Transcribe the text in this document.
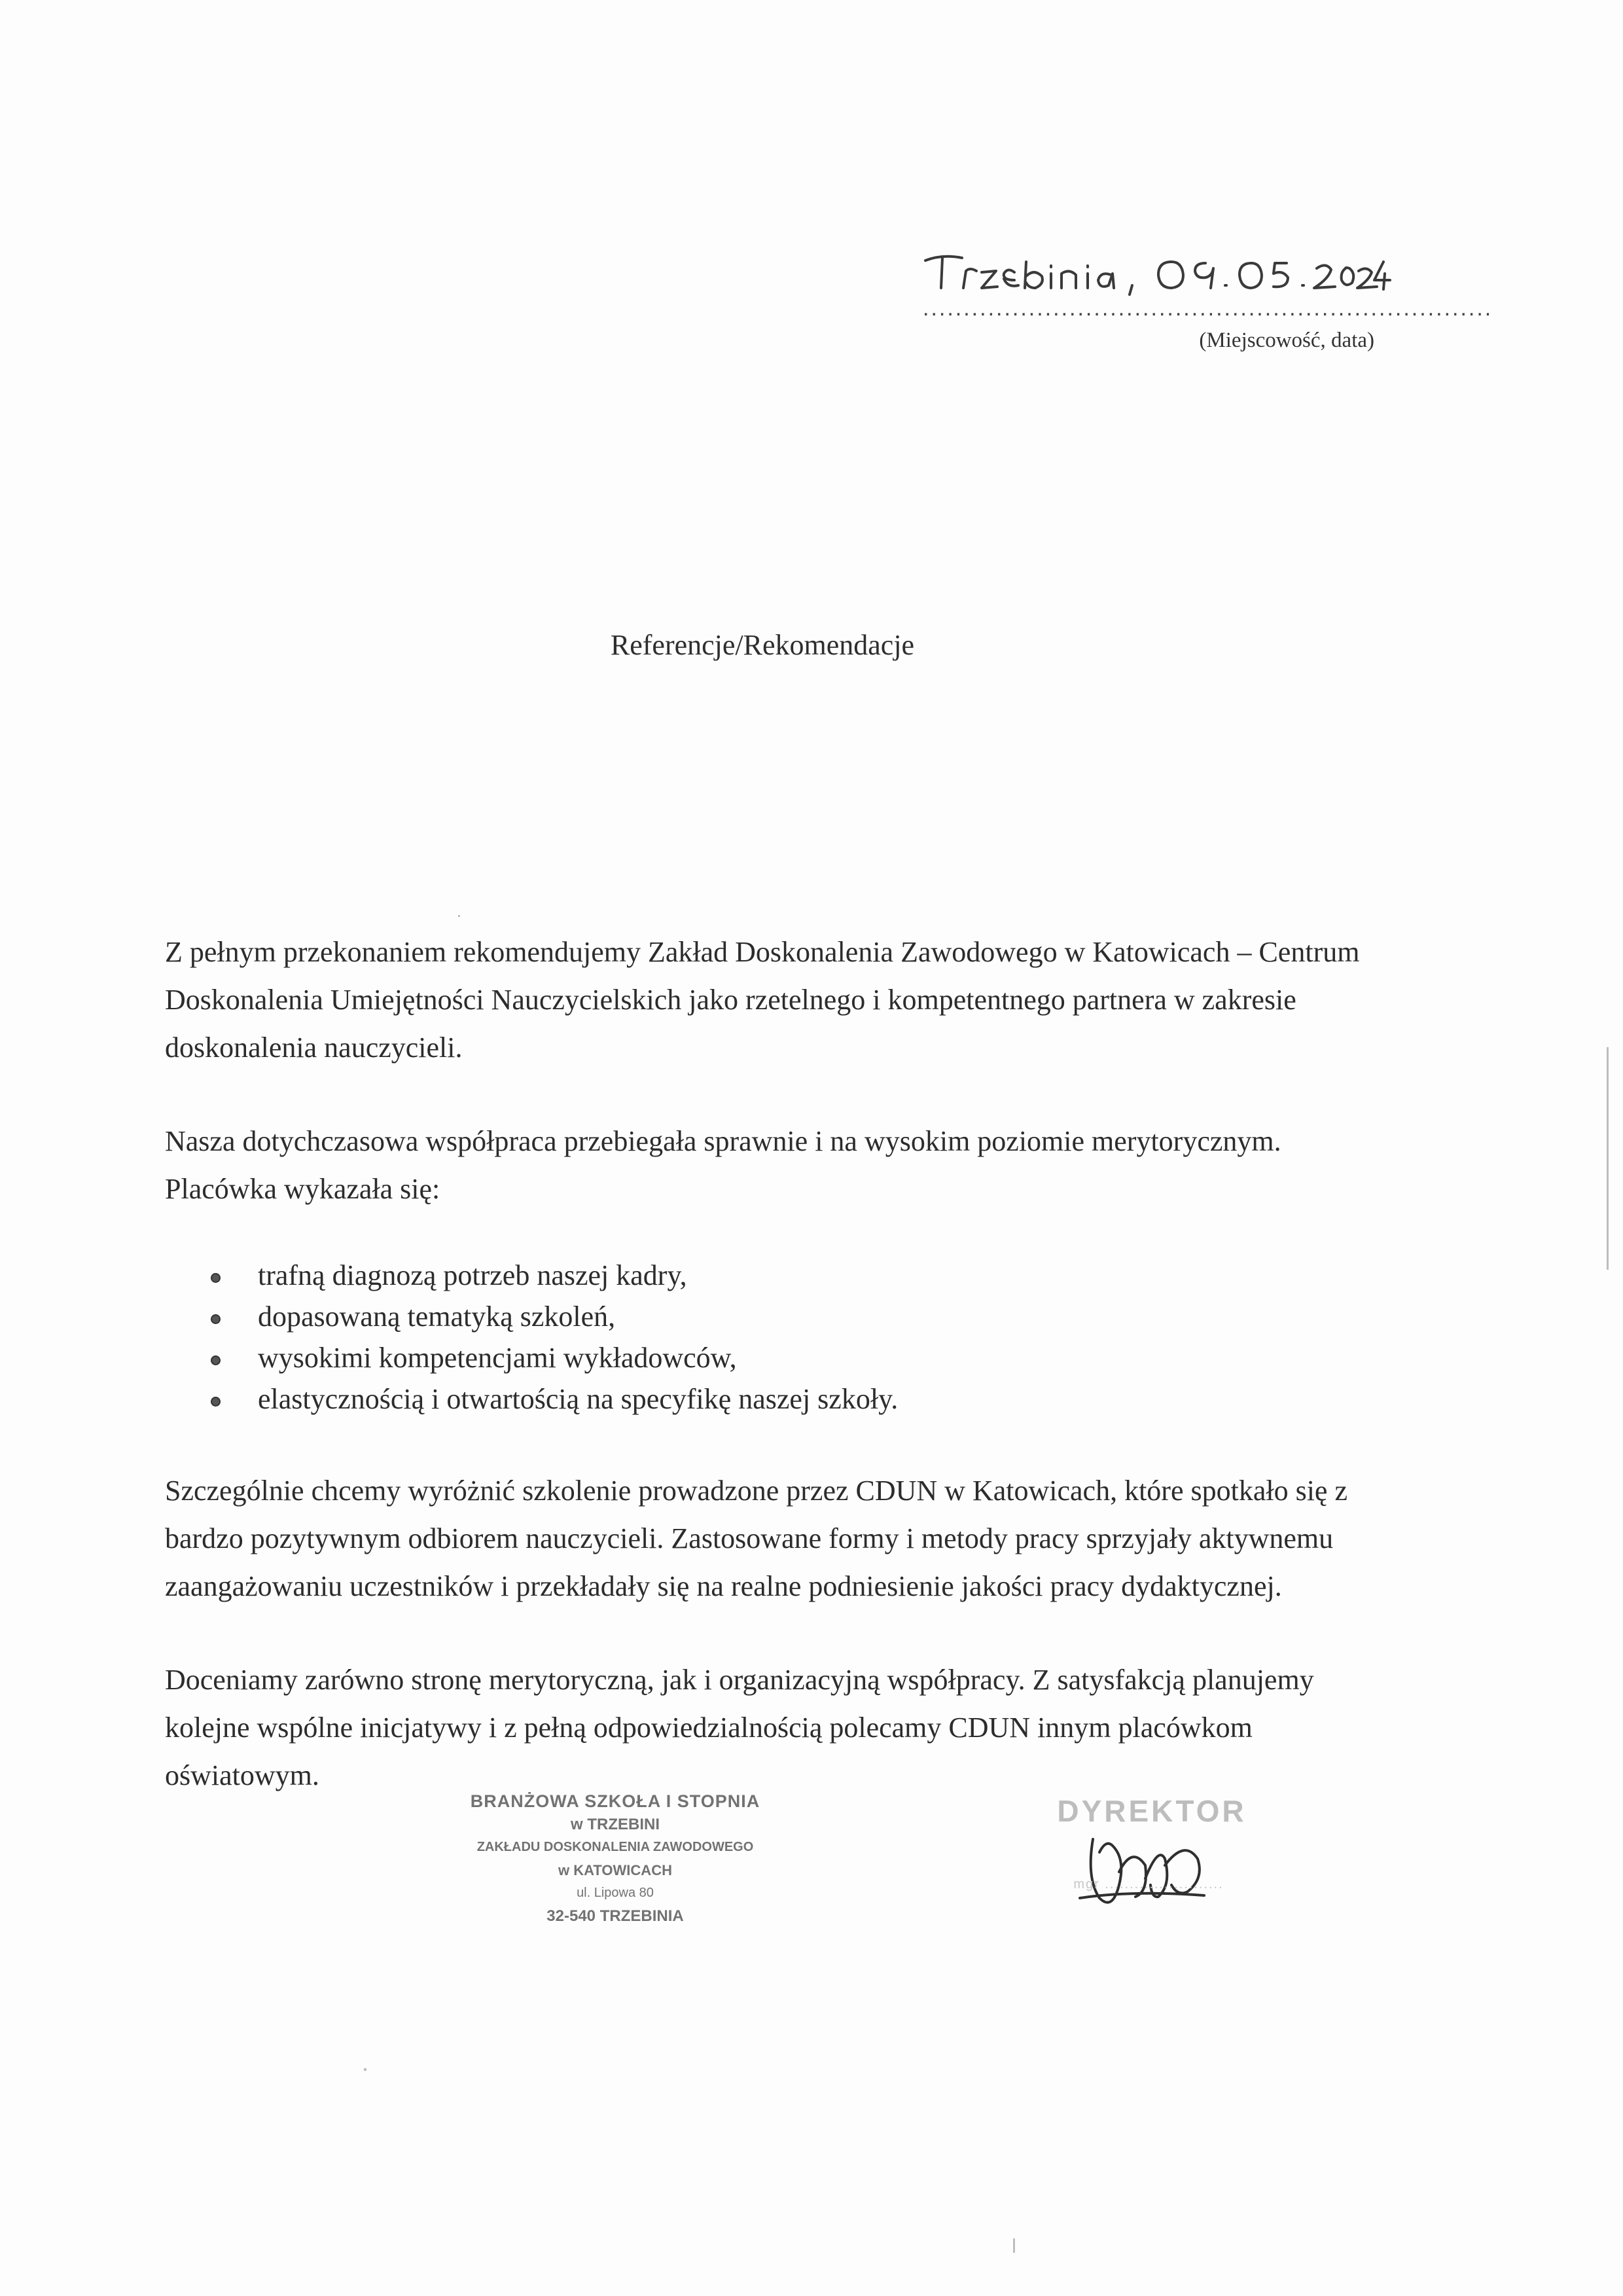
......................................................................
(Miejscowość, data)
Referencje/Rekomendacje

Z pełnym przekonaniem rekomendujemy Zakład Doskonalenia Zawodowego w Katowicach – Centrum Doskonalenia Umiejętności Nauczycielskich jako rzetelnego i kompetentnego partnera w zakresie doskonalenia nauczycieli.

Nasza dotychczasowa współpraca przebiegała sprawnie i na wysokim poziomie merytorycznym. Placówka wykazała się:

trafną diagnozą potrzeb naszej kadry,
dopasowaną tematyką szkoleń,
wysokimi kompetencjami wykładowców,
elastycznością i otwartością na specyfikę naszej szkoły.

Szczególnie chcemy wyróżnić szkolenie prowadzone przez CDUN w Katowicach, które spotkało się z bardzo pozytywnym odbiorem nauczycieli. Zastosowane formy i metody pracy sprzyjały aktywnemu zaangażowaniu uczestników i przekładały się na realne podniesienie jakości pracy dydaktycznej.

Doceniamy zarówno stronę merytoryczną, jak i organizacyjną współpracy. Z satysfakcją planujemy kolejne wspólne inicjatywy i z pełną odpowiedzialnością polecamy CDUN innym placówkom oświatowym.

BRANŻOWA SZKOŁA I STOPNIA
w TRZEBINI
ZAKŁADU DOSKONALENIA ZAWODOWEGO
w KATOWICACH
ul. Lipowa 80
32-540 TRZEBINIA
DYREKTOR
mgr ........................
